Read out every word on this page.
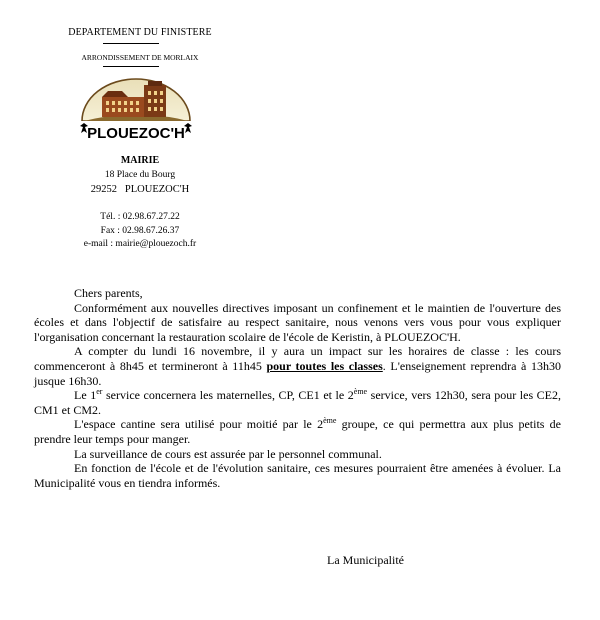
DEPARTEMENT DU FINISTERE
ARRONDISSEMENT DE MORLAIX
PLOUEZOC'H
MAIRIE
18 Place du Bourg
29252   PLOUEZOC'H
Tél. : 02.98.67.27.22
Fax : 02.98.67.26.37
e-mail : mairie@plouezoch.fr

Chers parents,

Conformément aux nouvelles directives imposant un confinement et le maintien de l'ouverture des écoles et dans l'objectif de satisfaire au respect sanitaire, nous venons vers vous pour vous expliquer l'organisation concernant la restauration scolaire de l'école de Keristin, à PLOUEZOC'H.

A compter du lundi 16 novembre, il y aura un impact sur les horaires de classe : les cours commenceront à 8h45 et termineront à 11h45 pour toutes les classes. L'enseignement reprendra à 13h30 jusque 16h30.

Le 1er service concernera les maternelles, CP, CE1 et le 2ème service, vers 12h30, sera pour les CE2, CM1 et CM2.

L'espace cantine sera utilisé pour moitié par le 2ème groupe, ce qui permettra aux plus petits de prendre leur temps pour manger.

La surveillance de cours est assurée par le personnel communal.

En fonction de l'école et de l'évolution sanitaire, ces mesures pourraient être amenées à évoluer. La Municipalité vous en tiendra informés.

La Municipalité
